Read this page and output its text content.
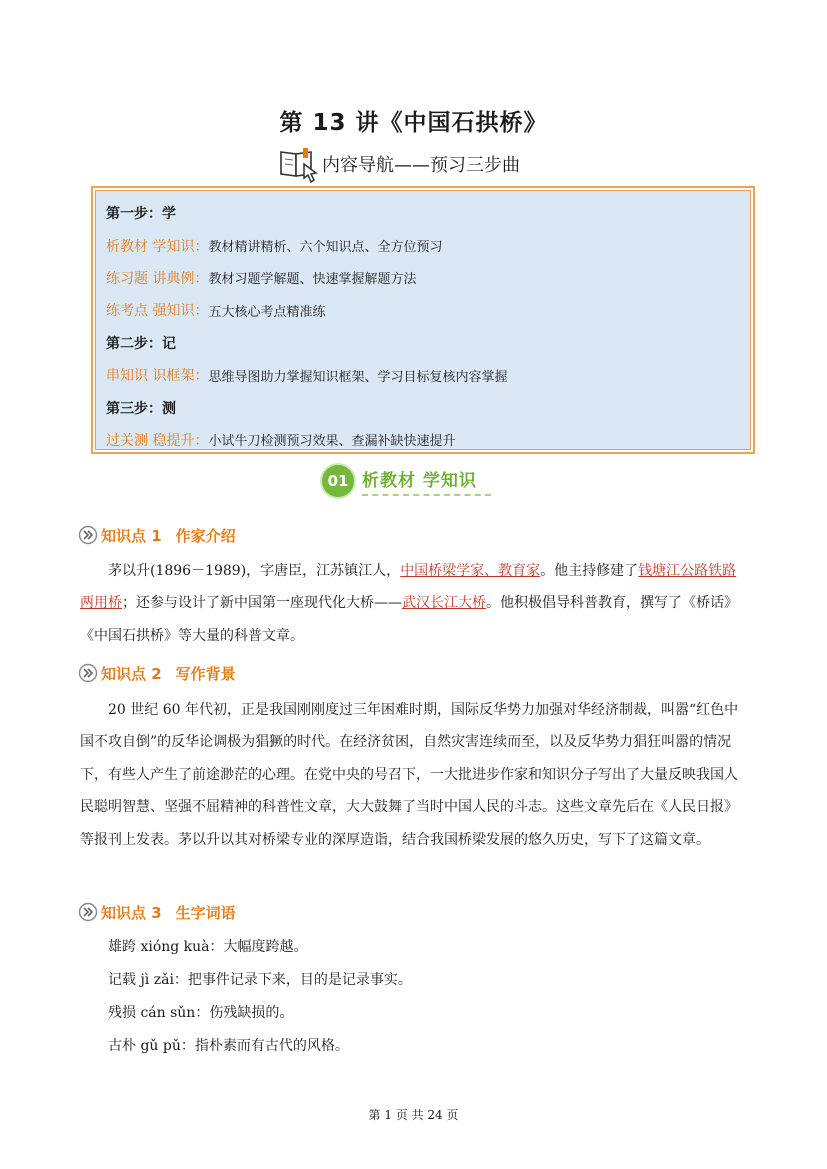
第 13 讲《中国石拱桥》
内容导航——预习三步曲
第一步：学
析教材 学知识： 教材精讲精析、六个知识点、全方位预习
练习题 讲典例： 教材习题学解题、快速掌握解题方法
练考点 强知识： 五大核心考点精准练
第二步：记
串知识 识框架： 思维导图助力掌握知识框架、学习目标复核内容掌握
第三步：测
过关测 稳提升： 小试牛刀检测预习效果、查漏补缺快速提升
01 析教材 学知识
知识点 1 作家介绍

茅以升(1896－1989)，字唐臣，江苏镇江人，中国桥梁学家、教育家。他主持修建了钱塘江公路铁路两用桥；还参与设计了新中国第一座现代化大桥——武汉长江大桥。他积极倡导科普教育，撰写了《桥话》《中国石拱桥》等大量的科普文章。

知识点 2 写作背景

20 世纪 60 年代初，正是我国刚刚度过三年困难时期，国际反华势力加强对华经济制裁，叫嚣“红色中国不攻自倒”的反华论调极为猖獗的时代。在经济贫困，自然灾害连续而至，以及反华势力猖狂叫嚣的情况下，有些人产生了前途渺茫的心理。在党中央的号召下，一大批进步作家和知识分子写出了大量反映我国人民聪明智慧、坚强不屈精神的科普性文章，大大鼓舞了当时中国人民的斗志。这些文章先后在《人民日报》等报刊上发表。茅以升以其对桥梁专业的深厚造诣，结合我国桥梁发展的悠久历史，写下了这篇文章。

知识点 3 生字词语
雄跨 xióng kuà：大幅度跨越。
记载 jì zǎi：把事件记录下来，目的是记录事实。
残损 cán sǔn：伤残缺损的。
古朴 gǔ pǔ：指朴素而有古代的风格。
第 1 页 共 24 页
